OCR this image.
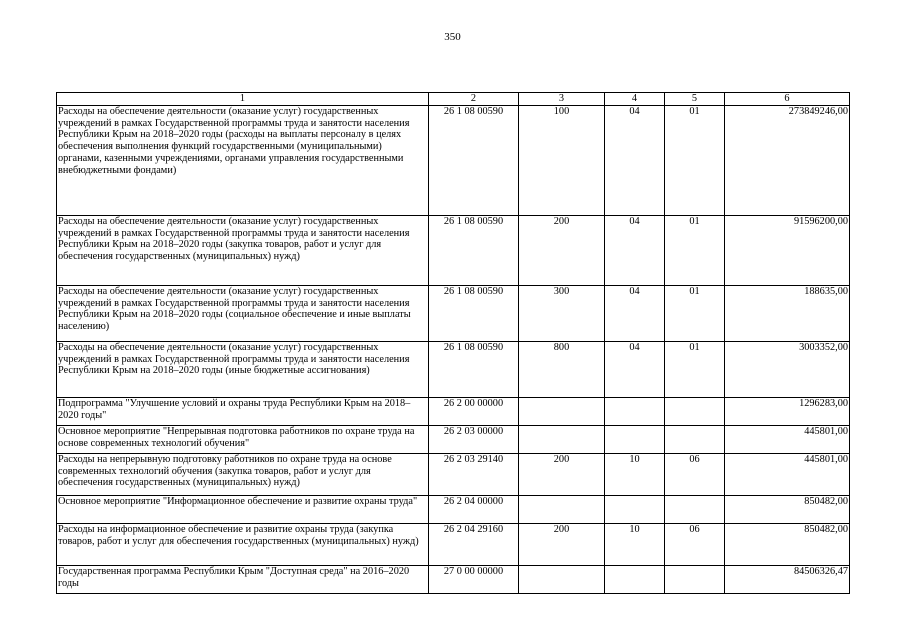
350
1	2	3	4	5	6
Расходы на обеспечение деятельности (оказание услуг) государственных учреждений в рамках Государственной программы труда и занятости населения Республики Крым на 2018–2020 годы (расходы на выплаты персоналу в целях обеспечения выполнения функций государственными (муниципальными) органами, казенными учреждениями, органами управления государственными внебюджетными фондами)	26 1 08 00590	100	04	01	273849246,00
Расходы на обеспечение деятельности (оказание услуг) государственных учреждений в рамках Государственной программы труда и занятости населения Республики Крым на 2018–2020 годы (закупка товаров, работ и услуг для обеспечения государственных (муниципальных) нужд)	26 1 08 00590	200	04	01	91596200,00
Расходы на обеспечение деятельности (оказание услуг) государственных учреждений в рамках Государственной программы труда и занятости населения Республики Крым на 2018–2020 годы (социальное обеспечение и иные выплаты населению)	26 1 08 00590	300	04	01	188635,00
Расходы на обеспечение деятельности (оказание услуг) государственных учреждений в рамках Государственной программы труда и занятости населения Республики Крым на 2018–2020 годы (иные бюджетные ассигнования)	26 1 08 00590	800	04	01	3003352,00
Подпрограмма "Улучшение условий и охраны труда Республики Крым на 2018–2020 годы"	26 2 00 00000				1296283,00
Основное мероприятие "Непрерывная подготовка работников по охране труда на основе современных технологий обучения"	26 2 03 00000				445801,00
Расходы на непрерывную подготовку работников по охране труда на основе современных технологий обучения (закупка товаров, работ и услуг для обеспечения государственных (муниципальных) нужд)	26 2 03 29140	200	10	06	445801,00
Основное мероприятие "Информационное обеспечение и развитие охраны труда"	26 2 04 00000				850482,00
Расходы на информационное обеспечение и развитие охраны труда (закупка товаров, работ и услуг для обеспечения государственных (муниципальных) нужд)	26 2 04 29160	200	10	06	850482,00
Государственная программа Республики Крым "Доступная среда" на 2016–2020 годы	27 0 00 00000				84506326,47
